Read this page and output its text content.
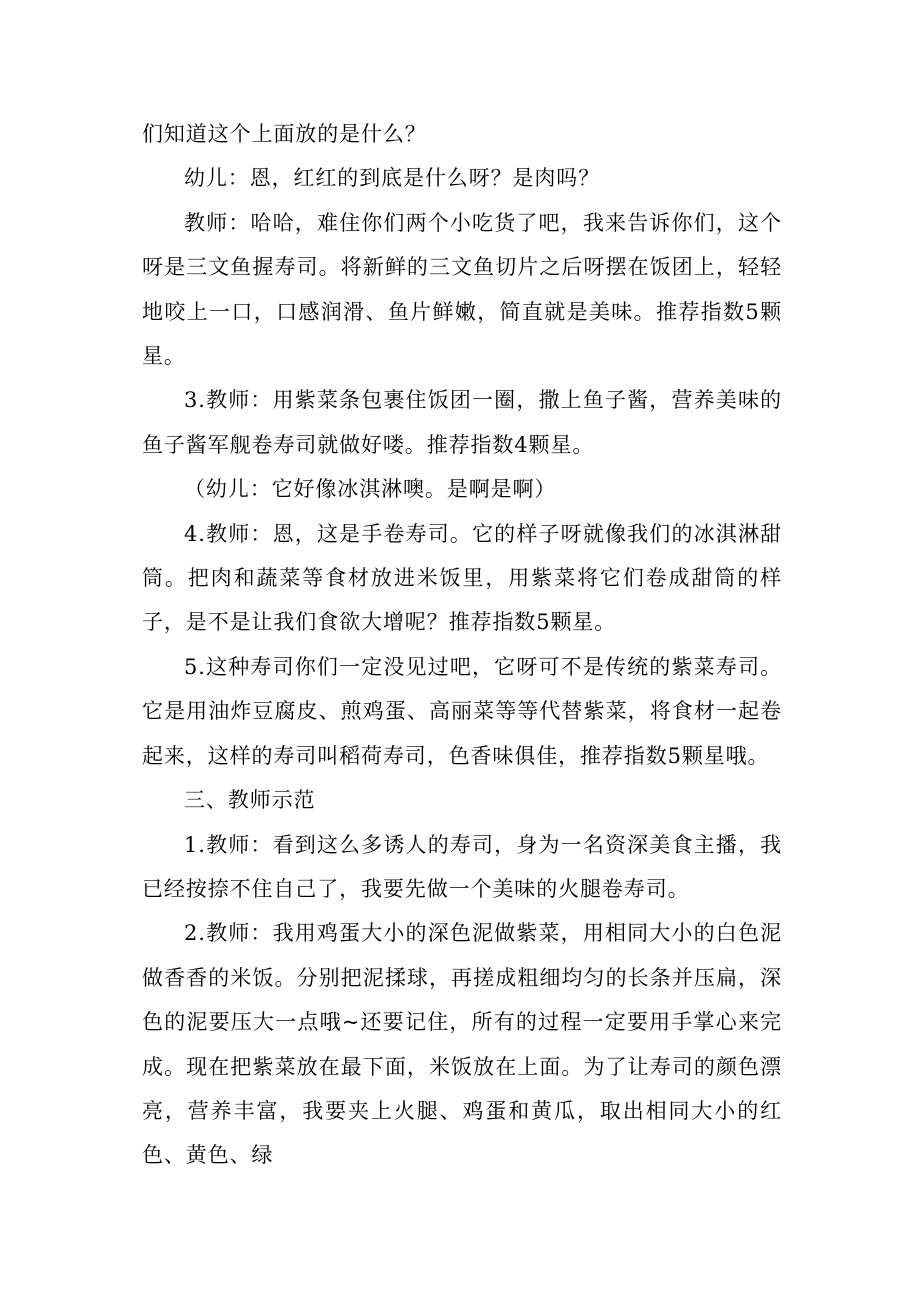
们知道这个上面放的是什么？

幼儿：恩，红红的到底是什么呀？是肉吗？

教师：哈哈，难住你们两个小吃货了吧，我来告诉你们，这个呀是三文鱼握寿司。将新鲜的三文鱼切片之后呀摆在饭团上，轻轻地咬上一口，口感润滑、鱼片鲜嫩，简直就是美味。推荐指数5颗星。

3.教师：用紫菜条包裹住饭团一圈，撒上鱼子酱，营养美味的鱼子酱军舰卷寿司就做好喽。推荐指数4颗星。

（幼儿：它好像冰淇淋噢。是啊是啊）

4.教师：恩，这是手卷寿司。它的样子呀就像我们的冰淇淋甜筒。把肉和蔬菜等食材放进米饭里，用紫菜将它们卷成甜筒的样子，是不是让我们食欲大增呢？推荐指数5颗星。

5.这种寿司你们一定没见过吧，它呀可不是传统的紫菜寿司。它是用油炸豆腐皮、煎鸡蛋、高丽菜等等代替紫菜，将食材一起卷起来，这样的寿司叫稻荷寿司，色香味俱佳，推荐指数5颗星哦。

三、教师示范

1.教师：看到这么多诱人的寿司，身为一名资深美食主播，我已经按捺不住自己了，我要先做一个美味的火腿卷寿司。

2.教师：我用鸡蛋大小的深色泥做紫菜，用相同大小的白色泥做香香的米饭。分别把泥揉球，再搓成粗细均匀的长条并压扁，深色的泥要压大一点哦~还要记住，所有的过程一定要用手掌心来完成。现在把紫菜放在最下面，米饭放在上面。为了让寿司的颜色漂亮，营养丰富，我要夹上火腿、鸡蛋和黄瓜，取出相同大小的红色、黄色、绿
